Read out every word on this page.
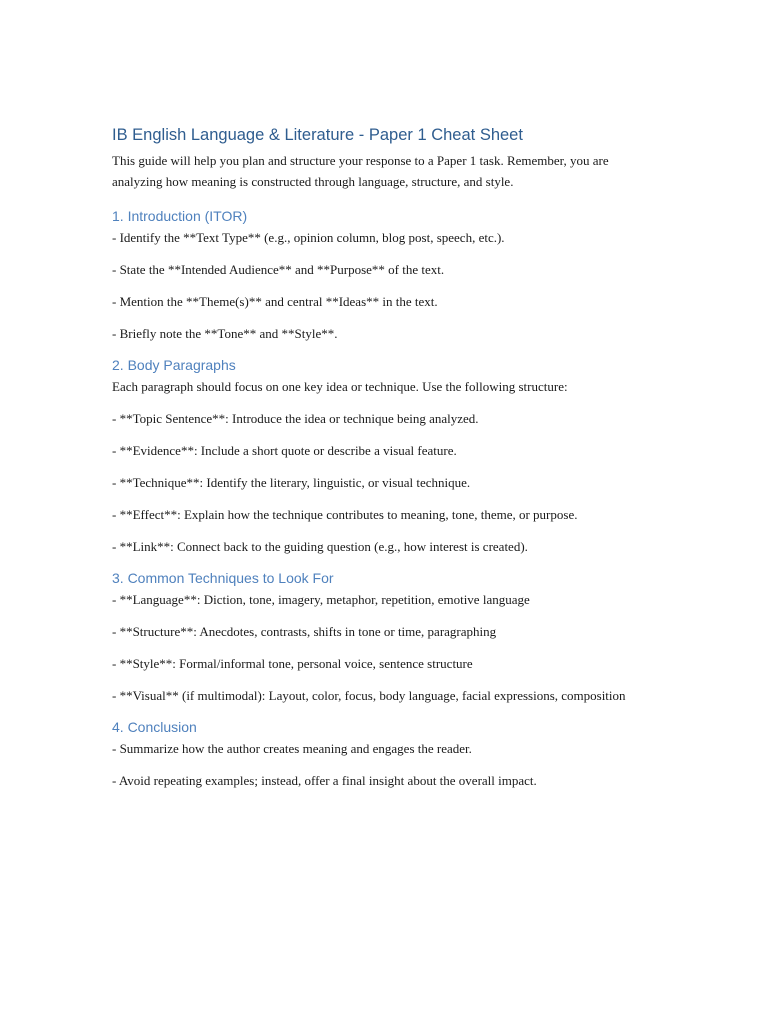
IB English Language & Literature - Paper 1 Cheat Sheet

This guide will help you plan and structure your response to a Paper 1 task. Remember, you are analyzing how meaning is constructed through language, structure, and style.

1. Introduction (ITOR)

- Identify the **Text Type** (e.g., opinion column, blog post, speech, etc.).

- State the **Intended Audience** and **Purpose** of the text.

- Mention the **Theme(s)** and central **Ideas** in the text.

- Briefly note the **Tone** and **Style**.

2. Body Paragraphs

Each paragraph should focus on one key idea or technique. Use the following structure:

- **Topic Sentence**: Introduce the idea or technique being analyzed.

- **Evidence**: Include a short quote or describe a visual feature.

- **Technique**: Identify the literary, linguistic, or visual technique.

- **Effect**: Explain how the technique contributes to meaning, tone, theme, or purpose.

- **Link**: Connect back to the guiding question (e.g., how interest is created).

3. Common Techniques to Look For

- **Language**: Diction, tone, imagery, metaphor, repetition, emotive language

- **Structure**: Anecdotes, contrasts, shifts in tone or time, paragraphing

- **Style**: Formal/informal tone, personal voice, sentence structure

- **Visual** (if multimodal): Layout, color, focus, body language, facial expressions, composition

4. Conclusion

- Summarize how the author creates meaning and engages the reader.

- Avoid repeating examples; instead, offer a final insight about the overall impact.
